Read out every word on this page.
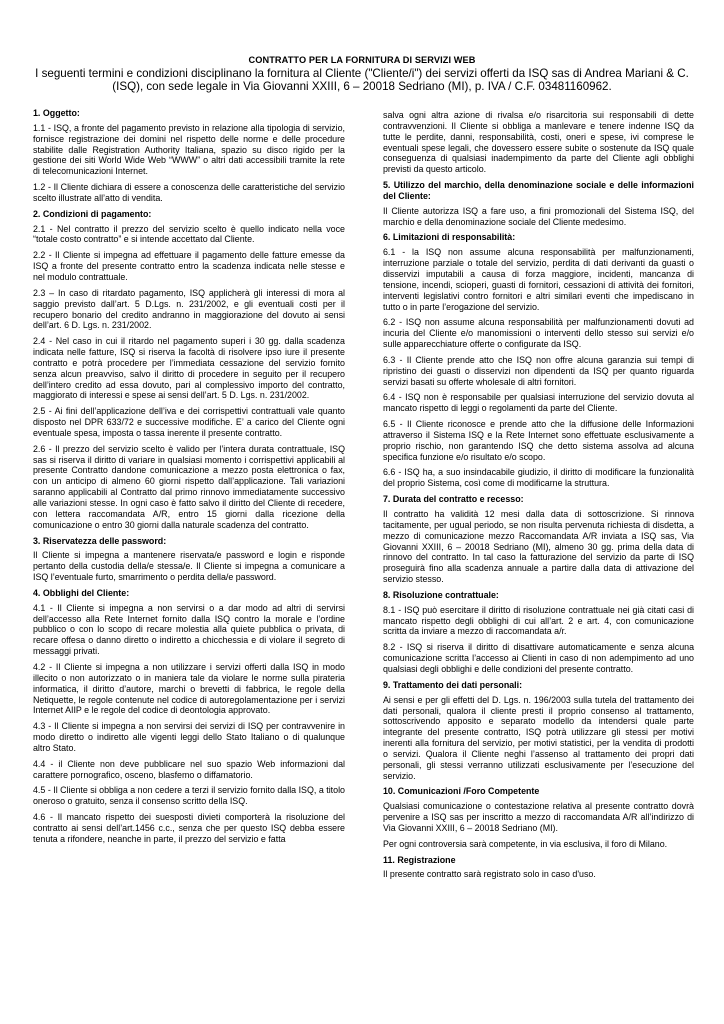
CONTRATTO PER LA FORNITURA DI SERVIZI WEB
I seguenti termini e condizioni disciplinano la fornitura al Cliente ("Cliente/i") dei servizi offerti da ISQ sas di Andrea Mariani & C. (ISQ), con sede legale in Via Giovanni XXIII, 6 – 20018 Sedriano (MI), p. IVA / C.F. 03481160962.
1. Oggetto:

1.1 - ISQ, a fronte del pagamento previsto in relazione alla tipologia di servizio, fornisce registrazione dei domini nel rispetto delle norme e delle procedure stabilite dalle Registration Authority Italiana, spazio su disco rigido per la gestione dei siti World Wide Web “WWW” o altri dati accessibili tramite la rete di telecomunicazioni Internet.

1.2 - Il Cliente dichiara di essere a conoscenza delle caratteristiche del servizio scelto illustrate all’atto di vendita.

2. Condizioni di pagamento:

2.1 - Nel contratto il prezzo del servizio scelto è quello indicato nella voce “totale costo contratto” e si intende accettato dal Cliente.

2.2 - Il Cliente si impegna ad effettuare il pagamento delle fatture emesse da ISQ a fronte del presente contratto entro la scadenza indicata nelle stesse e nel modulo contrattuale.

2.3 – In caso di ritardato pagamento, ISQ applicherà gli interessi di mora al saggio previsto dall’art. 5 D.Lgs. n. 231/2002, e gli eventuali costi per il recupero bonario del credito andranno in maggiorazione del dovuto ai sensi dell’art. 6 D. Lgs. n. 231/2002.

2.4 - Nel caso in cui il ritardo nel pagamento superi i 30 gg. dalla scadenza indicata nelle fatture, ISQ si riserva la facoltà di risolvere ipso iure il presente contratto e potrà procedere per l’immediata cessazione del servizio fornito senza alcun preavviso, salvo il diritto di procedere in seguito per il recupero dell’intero credito ad essa dovuto, pari al complessivo importo del contratto, maggiorato di interessi e spese ai sensi dell’art. 5 D. Lgs. n. 231/2002.

2.5 - Ai fini dell’applicazione dell’iva e dei corrispettivi contrattuali vale quanto disposto nel DPR 633/72 e successive modifiche. E’ a carico del Cliente ogni eventuale spesa, imposta o tassa inerente il presente contratto.

2.6 - Il prezzo del servizio scelto è valido per l’intera durata contrattuale, ISQ sas si riserva il diritto di variare in qualsiasi momento i corrispettivi applicabili al presente Contratto dandone comunicazione a mezzo posta elettronica o fax, con un anticipo di almeno 60 giorni rispetto dall’applicazione. Tali variazioni saranno applicabili al Contratto dal primo rinnovo immediatamente successivo alle variazioni stesse. In ogni caso è fatto salvo il diritto del Cliente di recedere, con lettera raccomandata A/R, entro 15 giorni dalla ricezione della comunicazione o entro 30 giorni dalla naturale scadenza del contratto.

3. Riservatezza delle password:

Il Cliente si impegna a mantenere riservata/e password e login e risponde pertanto della custodia della/e stessa/e. Il Cliente si impegna a comunicare a ISQ l’eventuale furto, smarrimento o perdita della/e password.

4. Obblighi del Cliente:

4.1 - Il Cliente si impegna a non servirsi o a dar modo ad altri di servirsi dell’accesso alla Rete Internet fornito dalla ISQ contro la morale e l’ordine pubblico o con lo scopo di recare molestia alla quiete pubblica o privata, di recare offesa o danno diretto o indiretto a chicchessia e di violare il segreto di messaggi privati.

4.2 - Il Cliente si impegna a non utilizzare i servizi offerti dalla ISQ in modo illecito o non autorizzato o in maniera tale da violare le norme sulla pirateria informatica, il diritto d’autore, marchi o brevetti di fabbrica, le regole della Netiquette, le regole contenute nel codice di autoregolamentazione per i servizi Internet AIIP e le regole del codice di deontologia approvato.

4.3 - Il Cliente si impegna a non servirsi dei servizi di ISQ per contravvenire in modo diretto o indiretto alle vigenti leggi dello Stato Italiano o di qualunque altro Stato.

4.4 - il Cliente non deve pubblicare nel suo spazio Web informazioni dal carattere pornografico, osceno, blasfemo o diffamatorio.

4.5 - Il Cliente si obbliga a non cedere a terzi il servizio fornito dalla ISQ, a titolo oneroso o gratuito, senza il consenso scritto della ISQ.

4.6 - Il mancato rispetto dei suesposti divieti comporterà la risoluzione del contratto ai sensi dell’art.1456 c.c., senza che per questo ISQ debba essere tenuta a rifondere, neanche in parte, il prezzo del servizio e fatta

salva ogni altra azione di rivalsa e/o risarcitoria sui responsabili di dette contravvenzioni. Il Cliente si obbliga a manlevare e tenere indenne ISQ da tutte le perdite, danni, responsabilità, costi, oneri e spese, ivi comprese le eventuali spese legali, che dovessero essere subite o sostenute da ISQ quale conseguenza di qualsiasi inadempimento da parte del Cliente agli obblighi previsti da questo articolo.

5. Utilizzo del marchio, della denominazione sociale e delle informazioni del Cliente:

Il Cliente autorizza ISQ a fare uso, a fini promozionali del Sistema ISQ, del marchio e della denominazione sociale del Cliente medesimo.

6. Limitazioni di responsabilità:

6.1 - la ISQ non assume alcuna responsabilità per malfunzionamenti, interruzione parziale o totale del servizio, perdita di dati derivanti da guasti o disservizi imputabili a causa di forza maggiore, incidenti, mancanza di tensione, incendi, scioperi, guasti di fornitori, cessazioni di attività dei fornitori, interventi legislativi contro fornitori e altri similari eventi che impediscano in tutto o in parte l’erogazione del servizio.

6.2 - ISQ non assume alcuna responsabilità per malfunzionamenti dovuti ad incuria del Cliente e/o manomissioni o interventi dello stesso sui servizi e/o sulle apparecchiature offerte o configurate da ISQ.

6.3 - Il Cliente prende atto che ISQ non offre alcuna garanzia sui tempi di ripristino dei guasti o disservizi non dipendenti da ISQ per quanto riguarda servizi basati su offerte wholesale di altri fornitori.

6.4 - ISQ non è responsabile per qualsiasi interruzione del servizio dovuta al mancato rispetto di leggi o regolamenti da parte del Cliente.

6.5 - Il Cliente riconosce e prende atto che la diffusione delle Informazioni attraverso il Sistema ISQ e la Rete Internet sono effettuate esclusivamente a proprio rischio, non garantendo ISQ che detto sistema assolva ad alcuna specifica funzione e/o risultato e/o scopo.

6.6 - ISQ ha, a suo insindacabile giudizio, il diritto di modificare la funzionalità del proprio Sistema, così come di modificarne la struttura.

7. Durata del contratto e recesso:

Il contratto ha validità 12 mesi dalla data di sottoscrizione. Si rinnova tacitamente, per ugual periodo, se non risulta pervenuta richiesta di disdetta, a mezzo di comunicazione mezzo Raccomandata A/R inviata a ISQ sas, Via Giovanni XXIII, 6 – 20018 Sedriano (MI), almeno 30 gg. prima della data di rinnovo del contratto. In tal caso la fatturazione del servizio da parte di ISQ proseguirà fino alla scadenza annuale a partire dalla data di attivazione del servizio stesso.

8. Risoluzione contrattuale:

8.1 - ISQ può esercitare il diritto di risoluzione contrattuale nei già citati casi di mancato rispetto degli obblighi di cui all’art. 2 e art. 4, con comunicazione scritta da inviare a mezzo di raccomandata a/r.

8.2 - ISQ si riserva il diritto di disattivare automaticamente e senza alcuna comunicazione scritta l’accesso ai Clienti in caso di non adempimento ad uno qualsiasi degli obblighi e delle condizioni del presente contratto.

9. Trattamento dei dati personali:

Ai sensi e per gli effetti del D. Lgs. n. 196/2003 sulla tutela del trattamento dei dati personali, qualora il cliente presti il proprio consenso al trattamento, sottoscrivendo apposito e separato modello da intendersi quale parte integrante del presente contratto, ISQ potrà utilizzare gli stessi per motivi inerenti alla fornitura del servizio, per motivi statistici, per la vendita di prodotti o servizi. Qualora il Cliente neghi l’assenso al trattamento dei propri dati personali, gli stessi verranno utilizzati esclusivamente per l’esecuzione del servizio.

10. Comunicazioni /Foro Competente

Qualsiasi comunicazione o contestazione relativa al presente contratto dovrà pervenire a ISQ sas per inscritto a mezzo di raccomandata A/R all’indirizzo di Via Giovanni XXIII, 6 – 20018 Sedriano (MI).

Per ogni controversia sarà competente, in via esclusiva, il foro di Milano.

11. Registrazione

Il presente contratto sarà registrato solo in caso d'uso.
